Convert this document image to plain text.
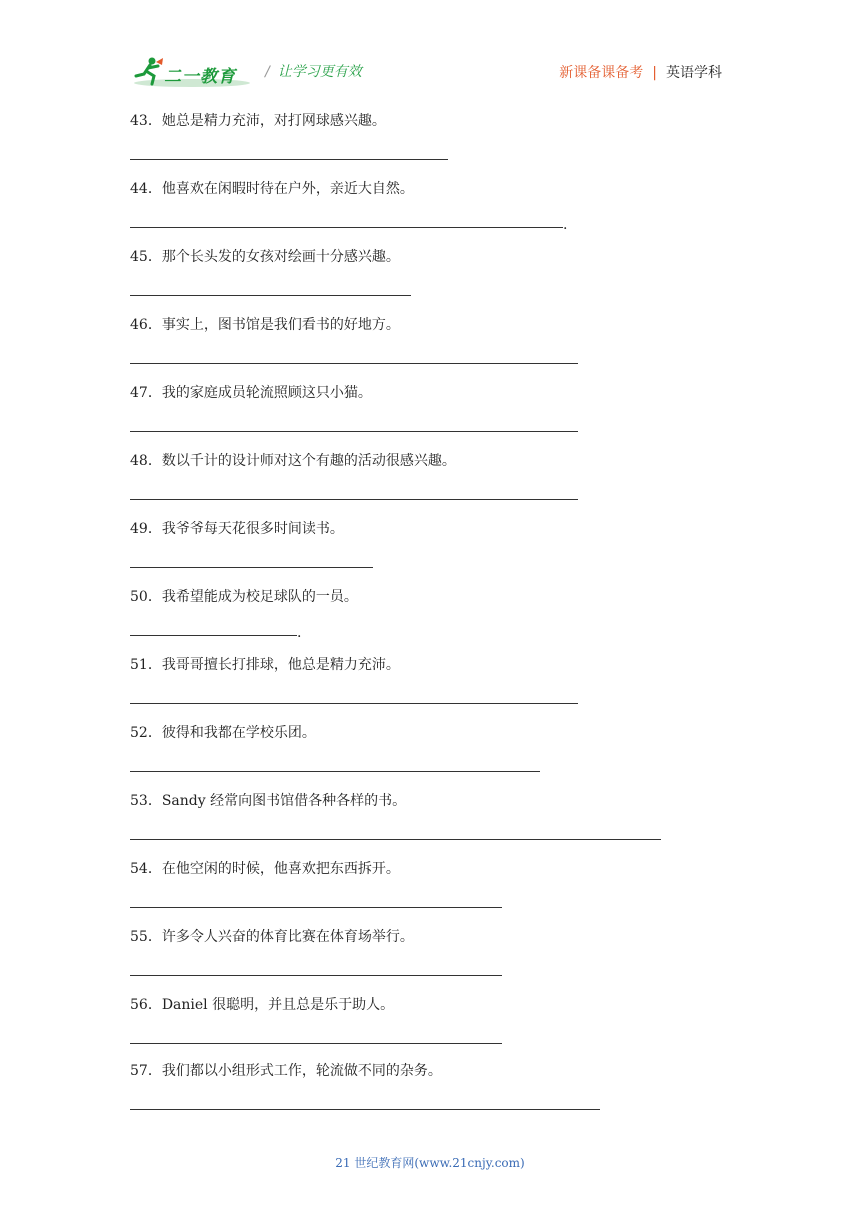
二一教育 / 让学习更有效	新课备课备考 | 英语学科
43．她总是精力充沛，对打网球感兴趣。
44．他喜欢在闲暇时待在户外，亲近大自然。
.
45．那个长头发的女孩对绘画十分感兴趣。
46．事实上，图书馆是我们看书的好地方。
47．我的家庭成员轮流照顾这只小猫。
48．数以千计的设计师对这个有趣的活动很感兴趣。
49．我爷爷每天花很多时间读书。
50．我希望能成为校足球队的一员。
.
51．我哥哥擅长打排球，他总是精力充沛。
52．彼得和我都在学校乐团。
53．Sandy 经常向图书馆借各种各样的书。
54．在他空闲的时候，他喜欢把东西拆开。
55．许多令人兴奋的体育比赛在体育场举行。
56．Daniel 很聪明，并且总是乐于助人。
57．我们都以小组形式工作，轮流做不同的杂务。
21 世纪教育网(www.21cnjy.com)
